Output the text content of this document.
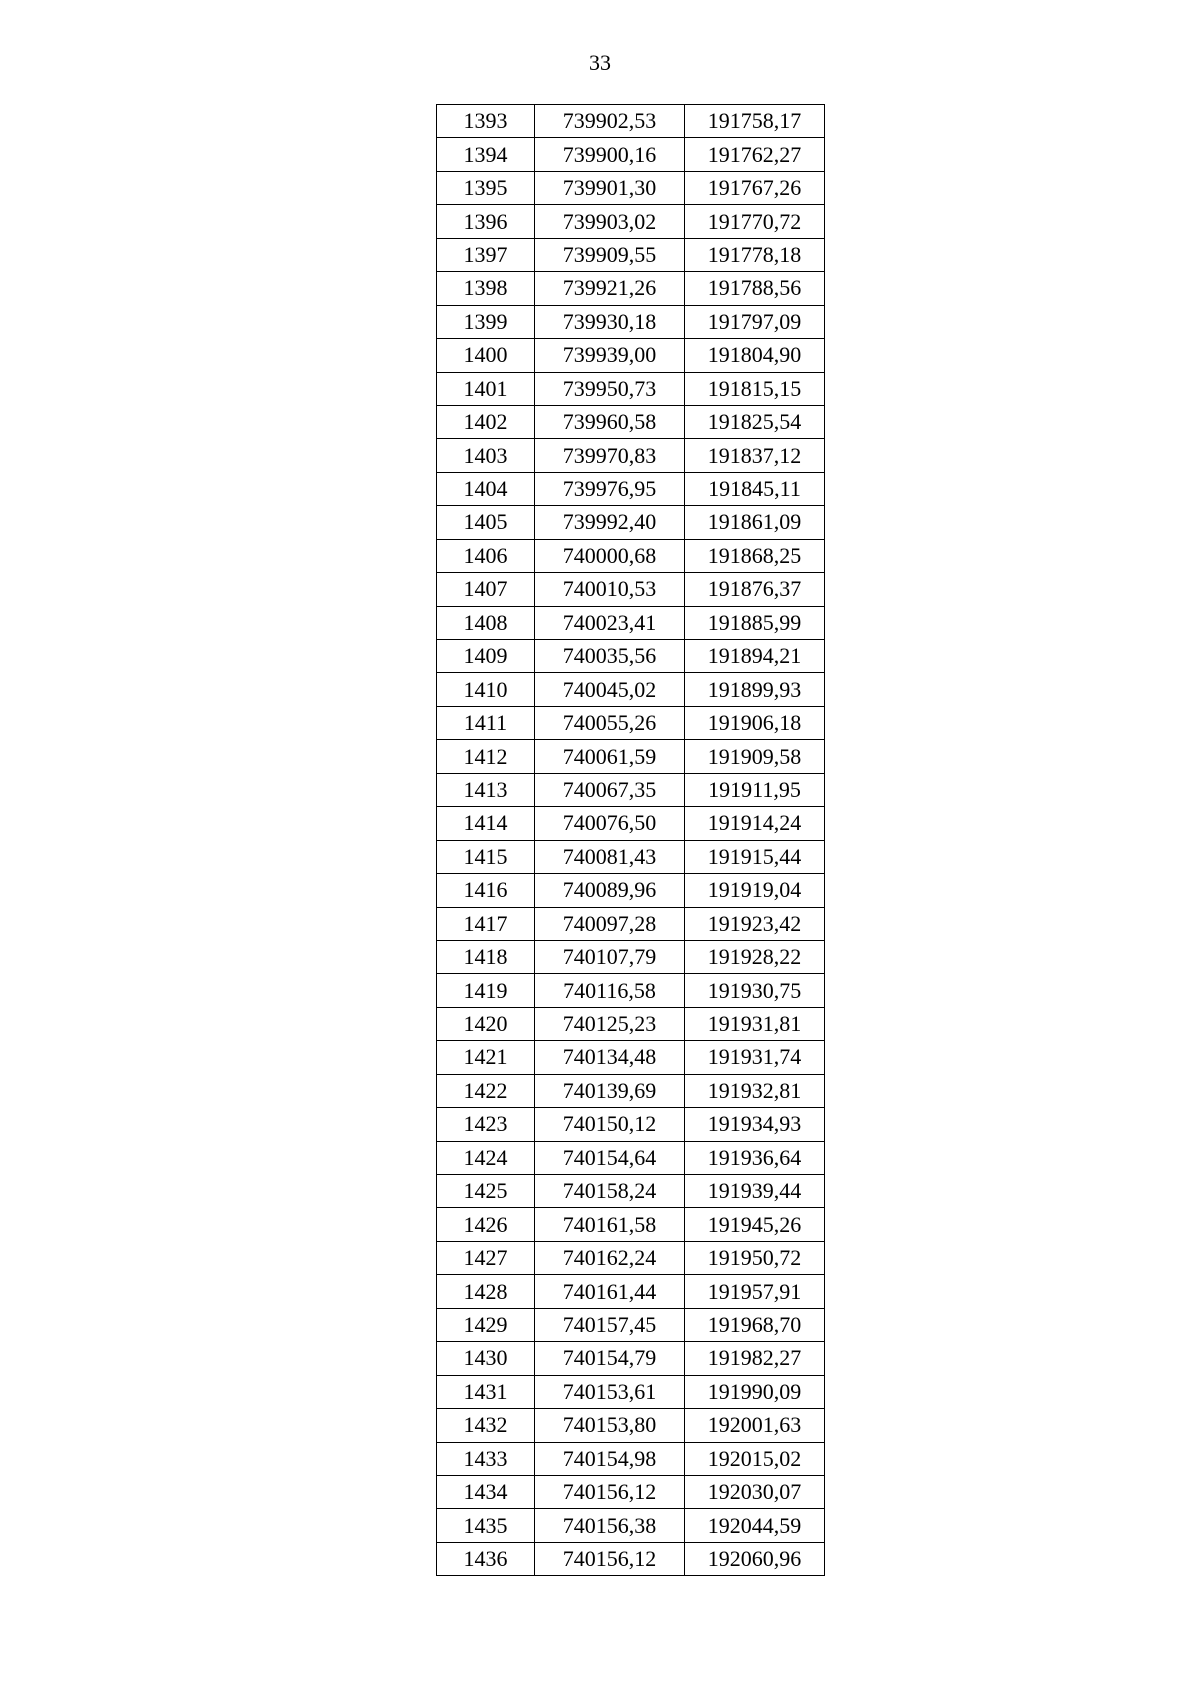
33
1393	739902,53	191758,17
1394	739900,16	191762,27
1395	739901,30	191767,26
1396	739903,02	191770,72
1397	739909,55	191778,18
1398	739921,26	191788,56
1399	739930,18	191797,09
1400	739939,00	191804,90
1401	739950,73	191815,15
1402	739960,58	191825,54
1403	739970,83	191837,12
1404	739976,95	191845,11
1405	739992,40	191861,09
1406	740000,68	191868,25
1407	740010,53	191876,37
1408	740023,41	191885,99
1409	740035,56	191894,21
1410	740045,02	191899,93
1411	740055,26	191906,18
1412	740061,59	191909,58
1413	740067,35	191911,95
1414	740076,50	191914,24
1415	740081,43	191915,44
1416	740089,96	191919,04
1417	740097,28	191923,42
1418	740107,79	191928,22
1419	740116,58	191930,75
1420	740125,23	191931,81
1421	740134,48	191931,74
1422	740139,69	191932,81
1423	740150,12	191934,93
1424	740154,64	191936,64
1425	740158,24	191939,44
1426	740161,58	191945,26
1427	740162,24	191950,72
1428	740161,44	191957,91
1429	740157,45	191968,70
1430	740154,79	191982,27
1431	740153,61	191990,09
1432	740153,80	192001,63
1433	740154,98	192015,02
1434	740156,12	192030,07
1435	740156,38	192044,59
1436	740156,12	192060,96
